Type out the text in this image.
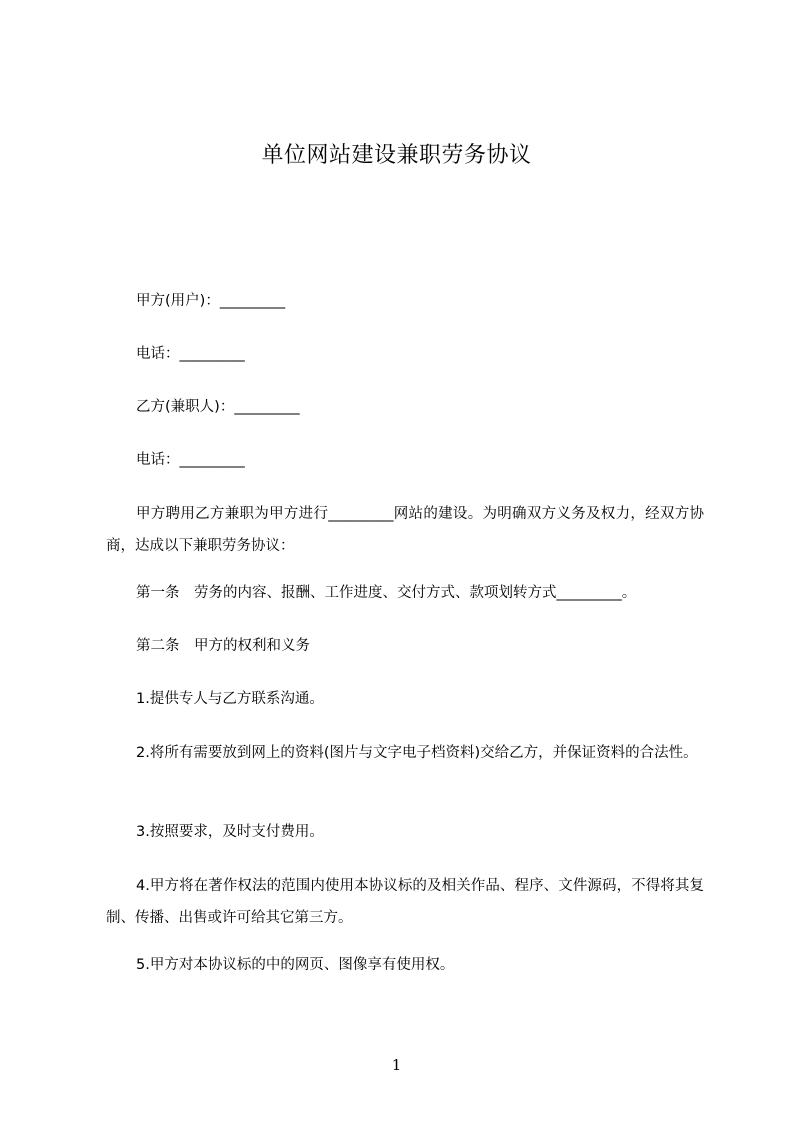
单位网站建设兼职劳务协议
甲方(用户)：_________
电话：_________
乙方(兼职人)：_________
电话：_________
甲方聘用乙方兼职为甲方进行_________网站的建设。为明确双方义务及权力，经双方协商，达成以下兼职劳务协议：
第一条　劳务的内容、报酬、工作进度、交付方式、款项划转方式_________。
第二条　甲方的权利和义务
1.提供专人与乙方联系沟通。
2.将所有需要放到网上的资料(图片与文字电子档资料)交给乙方，并保证资料的合法性。
3.按照要求，及时支付费用。
4.甲方将在著作权法的范围内使用本协议标的及相关作品、程序、文件源码，不得将其复制、传播、出售或许可给其它第三方。
5.甲方对本协议标的中的网页、图像享有使用权。
1
